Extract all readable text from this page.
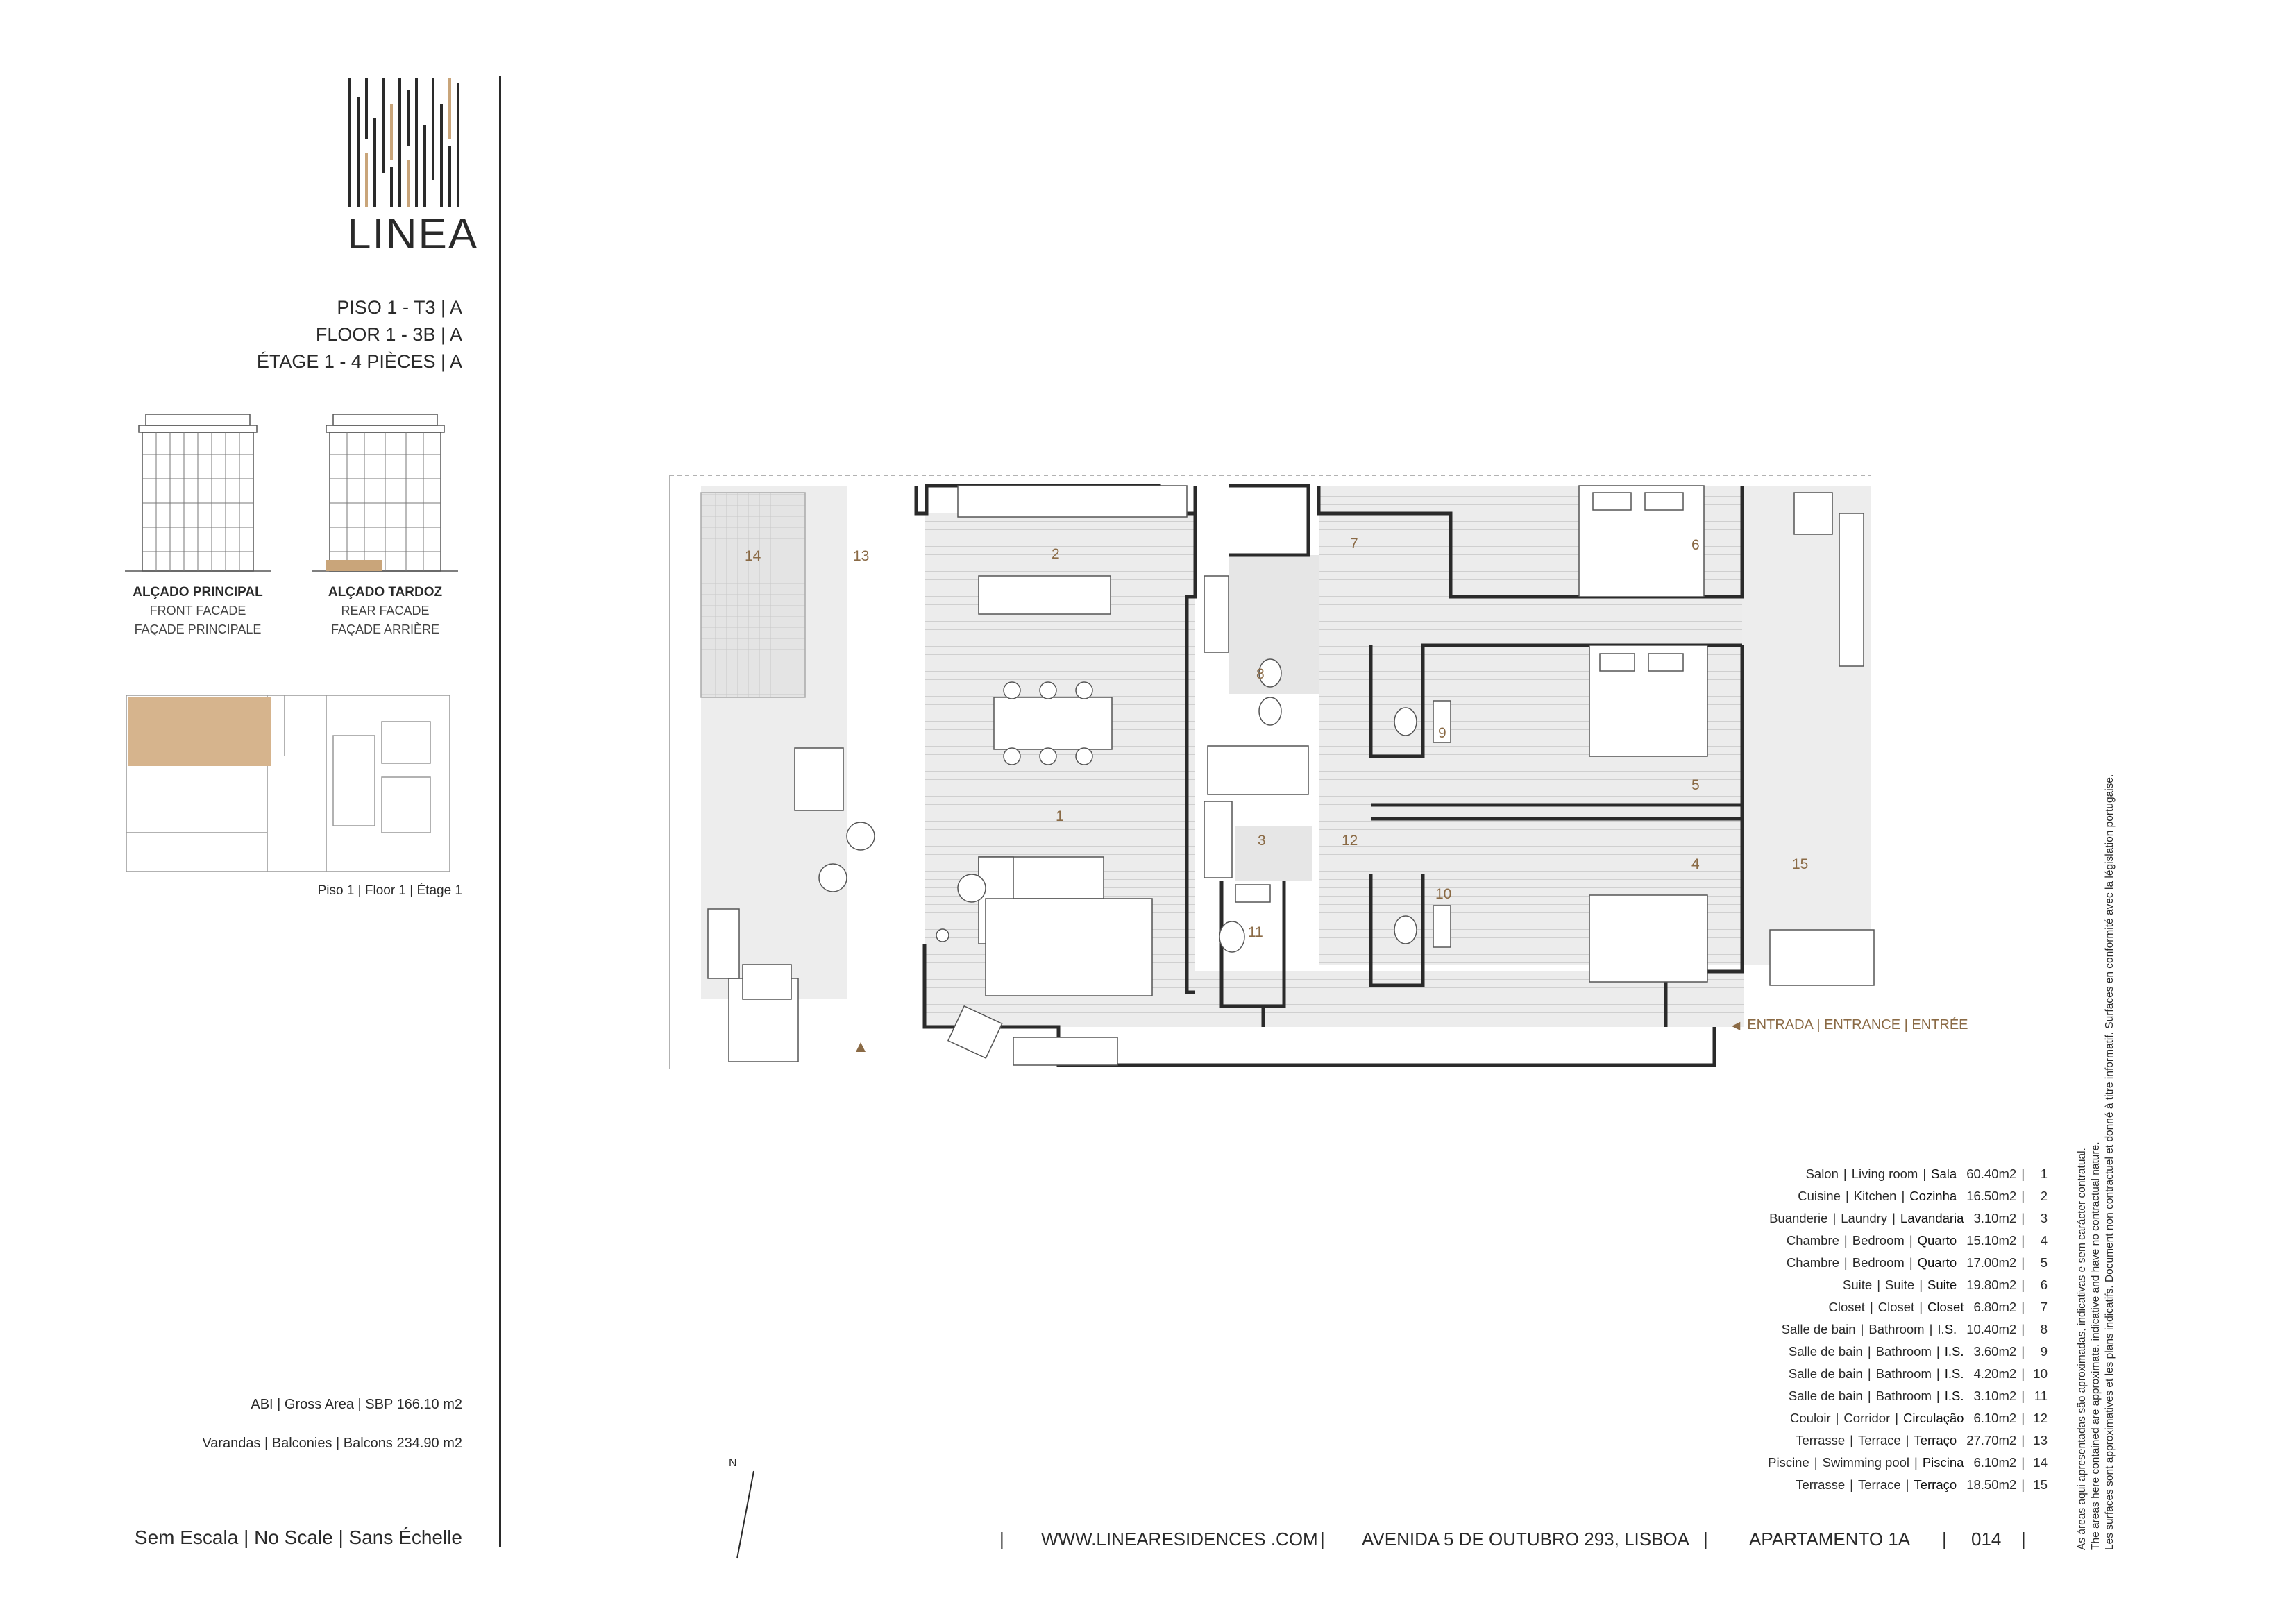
LINEA
PISO 1 - T3 | A
FLOOR 1 - 3B | A
ÉTAGE 1 - 4 PIÈCES | A
ALÇADO PRINCIPAL
FRONT FACADE
FAÇADE PRINCIPALE
ALÇADO TARDOZ
REAR FACADE
FAÇADE ARRIÈRE
Piso 1 | Floor 1 | Étage 1
ABI | Gross Area | SBP 166.10 m2
Varandas | Balconies | Balcons 234.90 m2
Sem Escala | No Scale | Sans Échelle
1
2
3
4
5
6
7
8
9
10
11
12
13
14
15
◀ ENTRADA | ENTRANCE | ENTRÉE
Salon | Living room | Sala 60.40m2 |	1
Cuisine | Kitchen | Cozinha 16.50m2 |	2
Buanderie | Laundry | Lavandaria 3.10m2 |	3
Chambre | Bedroom | Quarto 15.10m2 |	4
Chambre | Bedroom | Quarto 17.00m2 |	5
Suite | Suite | Suite 19.80m2 |	6
Closet | Closet | Closet 6.80m2 |	7
Salle de bain | Bathroom | I.S. 10.40m2 |	8
Salle de bain | Bathroom | I.S. 3.60m2 |	9
Salle de bain | Bathroom | I.S. 4.20m2 | 10
Salle de bain | Bathroom | I.S. 3.10m2 | 11
Couloir | Corridor | Circulação 6.10m2 | 12
Terrasse | Terrace | Terraço 27.70m2 | 13
Piscine | Swimming pool | Piscina 6.10m2 | 14
Terrasse | Terrace | Terraço 18.50m2 | 15
N
| WWW.LINEARESIDENCES .COM | AVENIDA 5 DE OUTUBRO 293, LISBOA | APARTAMENTO 1A | 014 |	As áreas aqui apresentadas são aproximadas, indicativas e sem carácter contratual. The areas here contained are approximate, indicative and have no contractual nature. Les surfaces sont approximatives et les plans indicatifs. Document non contractuel et donné à titre informatif. Surfaces en conformité avec la législation portugaise.
